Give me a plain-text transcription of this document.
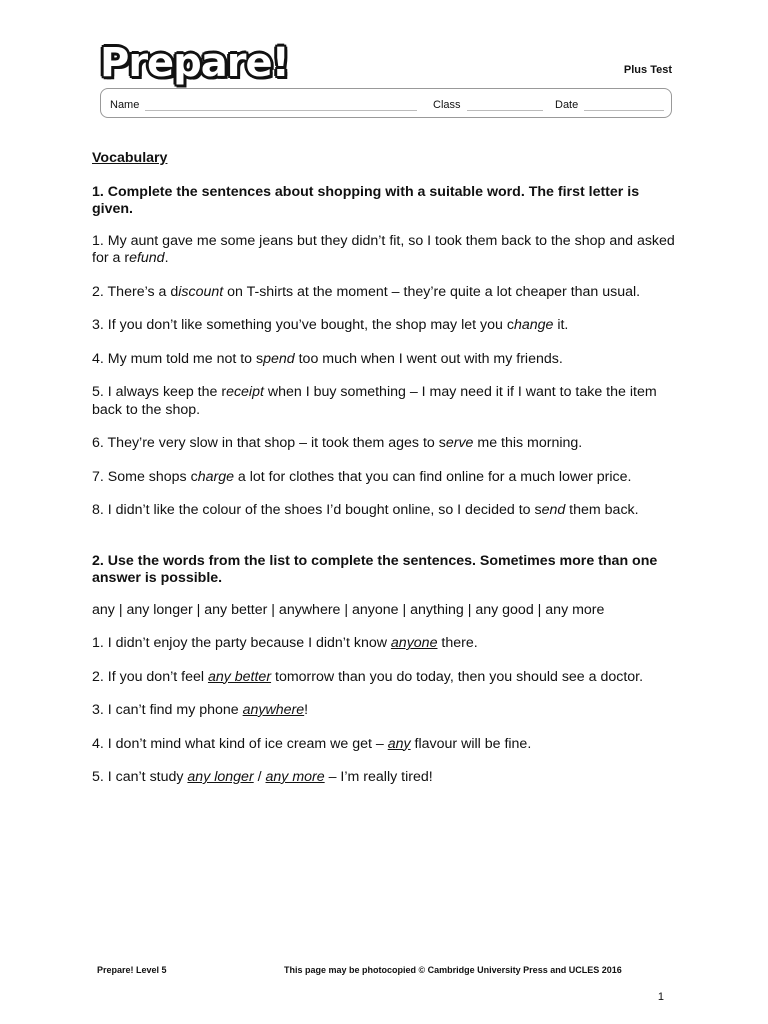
Prepare!	Plus Test
Name	Class	Date
Vocabulary
1. Complete the sentences about shopping with a suitable word. The first letter is given.

1. My aunt gave me some jeans but they didn’t fit, so I took them back to the shop and asked for a refund.

2. There’s a discount on T-shirts at the moment – they’re quite a lot cheaper than usual.

3. If you don’t like something you’ve bought, the shop may let you change it.

4. My mum told me not to spend too much when I went out with my friends.

5. I always keep the receipt when I buy something – I may need it if I want to take the item back to the shop.

6. They’re very slow in that shop – it took them ages to serve me this morning.

7. Some shops charge a lot for clothes that you can find online for a much lower price.

8. I didn’t like the colour of the shoes I’d bought online, so I decided to send them back.

2. Use the words from the list to complete the sentences. Sometimes more than one answer is possible.

any | any longer | any better | anywhere | anyone | anything | any good | any more

1. I didn’t enjoy the party because I didn’t know anyone there.

2. If you don’t feel any better tomorrow than you do today, then you should see a doctor.

3. I can’t find my phone anywhere!

4. I don’t mind what kind of ice cream we get – any flavour will be fine.

5. I can’t study any longer / any more – I’m really tired!

Prepare! Level 5	This page may be photocopied © Cambridge University Press and UCLES 2016
1
